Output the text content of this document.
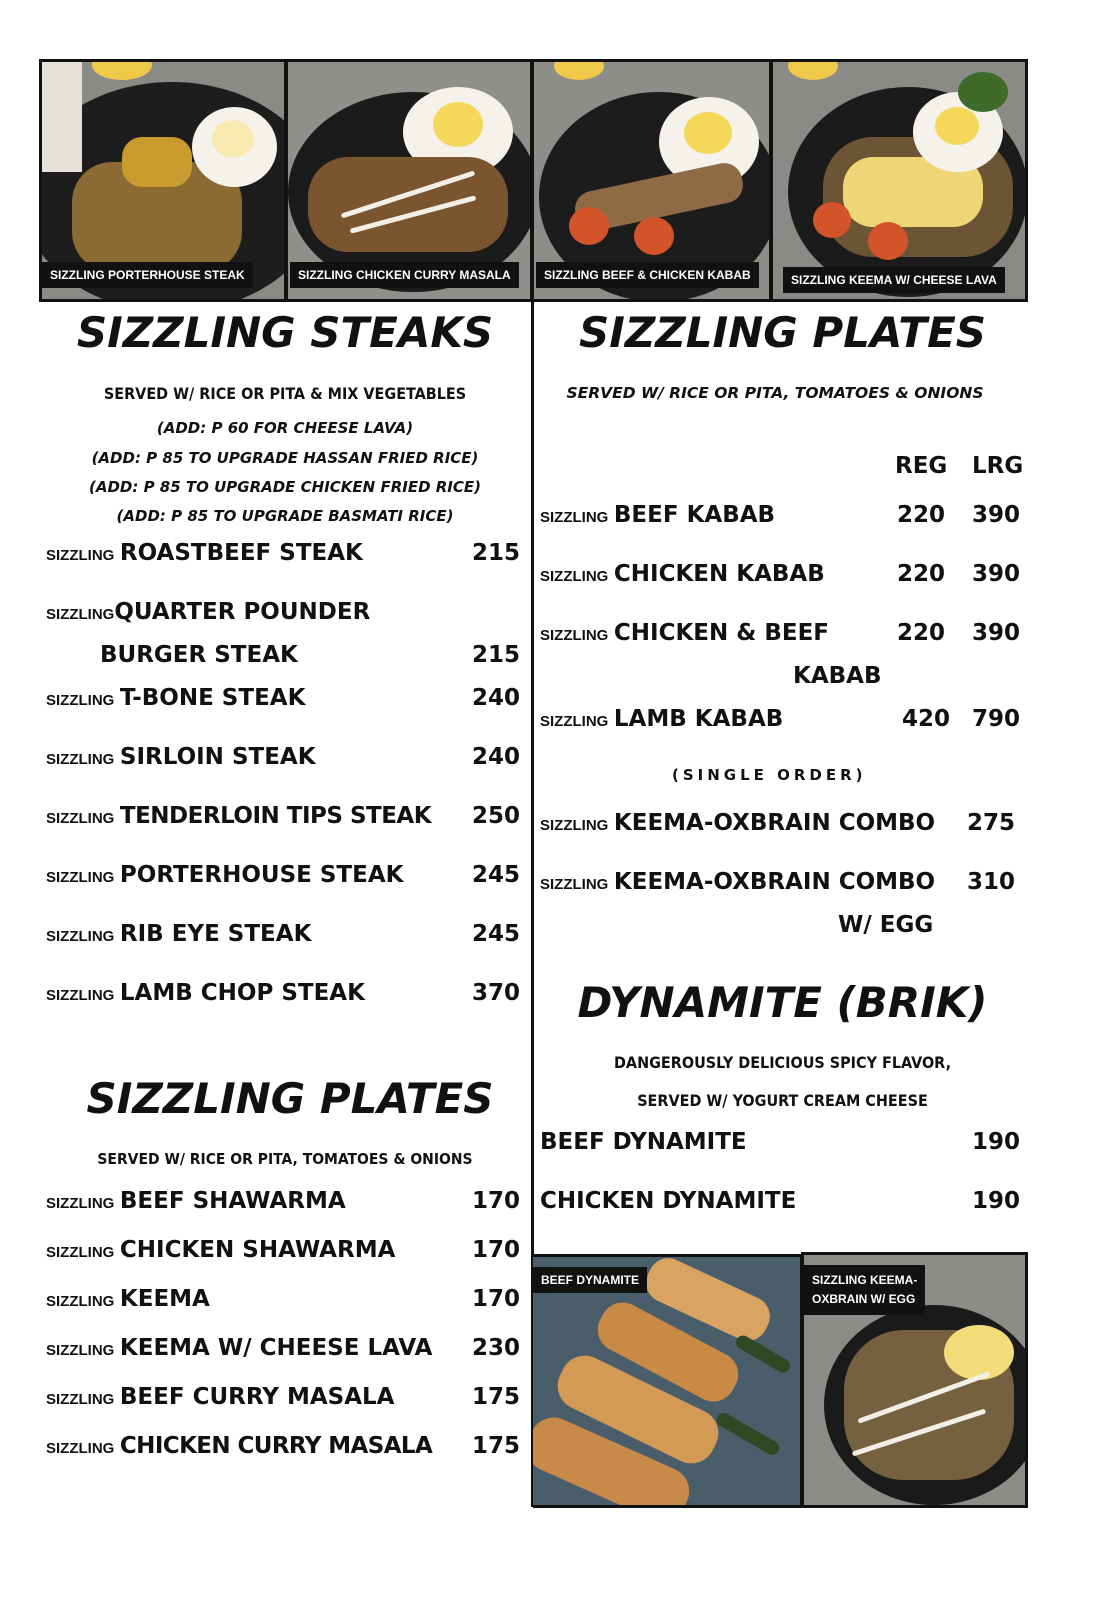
SIZZLING PORTERHOUSE STEAK	SIZZLING CHICKEN CURRY MASALA	SIZZLING BEEF & CHICKEN KABAB	SIZZLING KEEMA W/ CHEESE LAVA
SIZZLING STEAKS
SERVED W/ RICE OR PITA & MIX VEGETABLES
(ADD: P 60 FOR CHEESE LAVA)
(ADD: P 85 TO UPGRADE HASSAN FRIED RICE)
(ADD: P 85 TO UPGRADE CHICKEN FRIED RICE)
(ADD: P 85 TO UPGRADE BASMATI RICE)
SIZZLING ROASTBEEF STEAK	215
SIZZLINGQUARTER POUNDER
BURGER STEAK	215
SIZZLING T-BONE STEAK	240
SIZZLING SIRLOIN STEAK	240
SIZZLING TENDERLOIN TIPS STEAK	250
SIZZLING PORTERHOUSE STEAK	245
SIZZLING RIB EYE STEAK	245
SIZZLING LAMB CHOP STEAK	370
SIZZLING PLATES
SERVED W/ RICE OR PITA, TOMATOES & ONIONS
SIZZLING BEEF SHAWARMA	170
SIZZLING CHICKEN SHAWARMA	170
SIZZLING KEEMA	170
SIZZLING KEEMA W/ CHEESE LAVA	230
SIZZLING BEEF CURRY MASALA	175
SIZZLING CHICKEN CURRY MASALA	175
SIZZLING PLATES
SERVED W/ RICE OR PITA, TOMATOES & ONIONS
REG LRG
SIZZLING BEEF KABAB	220	390
SIZZLING CHICKEN KABAB	220	390
SIZZLING CHICKEN & BEEF
KABAB
220	390
SIZZLING LAMB KABAB	420 790
(SINGLE ORDER)
SIZZLING KEEMA-OXBRAIN COMBO	275
SIZZLING KEEMA-OXBRAIN COMBO
W/ EGG
310
DYNAMITE (BRIK)
DANGEROUSLY DELICIOUS SPICY FLAVOR,
SERVED W/ YOGURT CREAM CHEESE
BEEF DYNAMITE	190
CHICKEN DYNAMITE	190
BEEF DYNAMITE	SIZZLING KEEMA-
OXBRAIN W/ EGG
